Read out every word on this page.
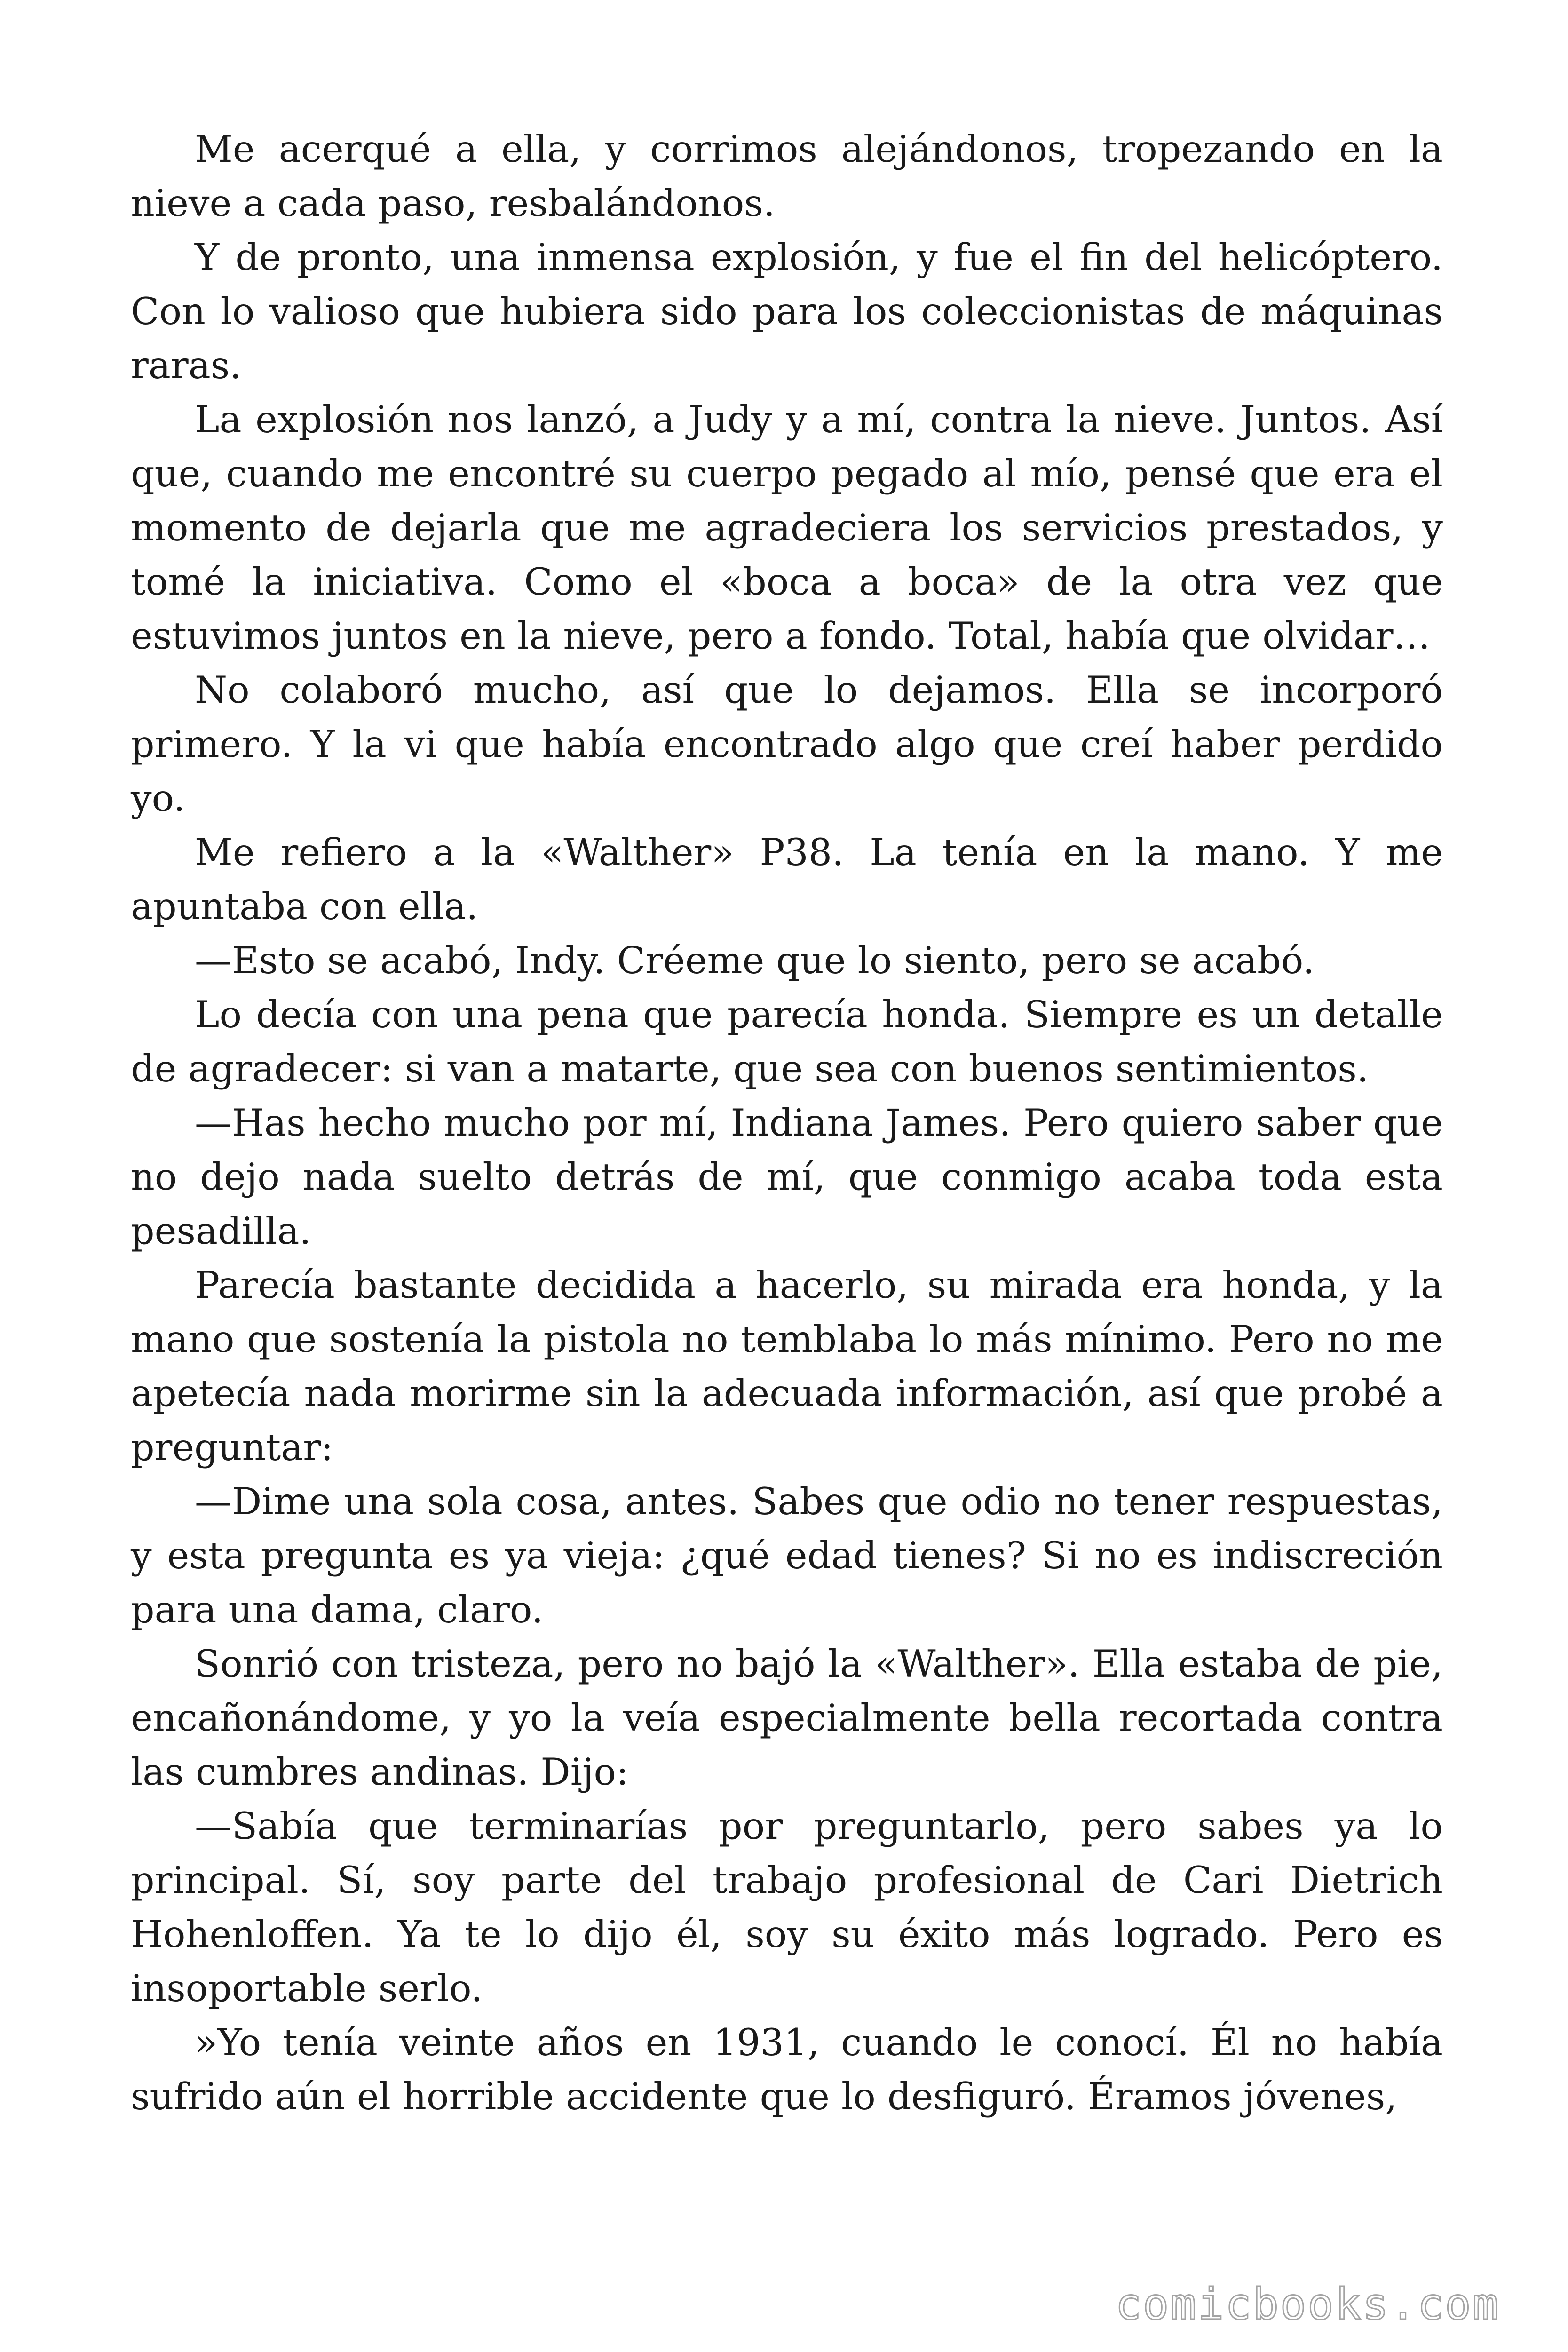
Me acerqué a ella, y corrimos alejándonos, tropezando en la nieve a cada paso, resbalándonos.

Y de pronto, una inmensa explosión, y fue el fin del helicóptero. Con lo valioso que hubiera sido para los coleccionistas de máquinas raras.

La explosión nos lanzó, a Judy y a mí, contra la nieve. Juntos. Así que, cuando me encontré su cuerpo pegado al mío, pensé que era el momento de dejarla que me agradeciera los servicios prestados, y tomé la iniciativa. Como el «boca a boca» de la otra vez que estuvimos juntos en la nieve, pero a fondo. Total, había que olvidar…

No colaboró mucho, así que lo dejamos. Ella se incorporó primero. Y la vi que había encontrado algo que creí haber perdido yo.

Me refiero a la «Walther» P38. La tenía en la mano. Y me apuntaba con ella.

—Esto se acabó, Indy. Créeme que lo siento, pero se acabó.

Lo decía con una pena que parecía honda. Siempre es un detalle de agradecer: si van a matarte, que sea con buenos sentimientos.

—Has hecho mucho por mí, Indiana James. Pero quiero saber que no dejo nada suelto detrás de mí, que conmigo acaba toda esta pesadilla.

Parecía bastante decidida a hacerlo, su mirada era honda, y la mano que sostenía la pistola no temblaba lo más mínimo. Pero no me apetecía nada morirme sin la adecuada información, así que probé a preguntar:

—Dime una sola cosa, antes. Sabes que odio no tener respuestas, y esta pregunta es ya vieja: ¿qué edad tienes? Si no es indiscreción para una dama, claro.

Sonrió con tristeza, pero no bajó la «Walther». Ella estaba de pie, encañonándome, y yo la veía especialmente bella recortada contra las cumbres andinas. Dijo:

—Sabía que terminarías por preguntarlo, pero sabes ya lo principal. Sí, soy parte del trabajo profesional de Cari Dietrich Hohenloffen. Ya te lo dijo él, soy su éxito más logrado. Pero es insoportable serlo.

»Yo tenía veinte años en 1931, cuando le conocí. Él no había sufrido aún el horrible accidente que lo desfiguró. Éramos jóvenes,

comicbooks.com
